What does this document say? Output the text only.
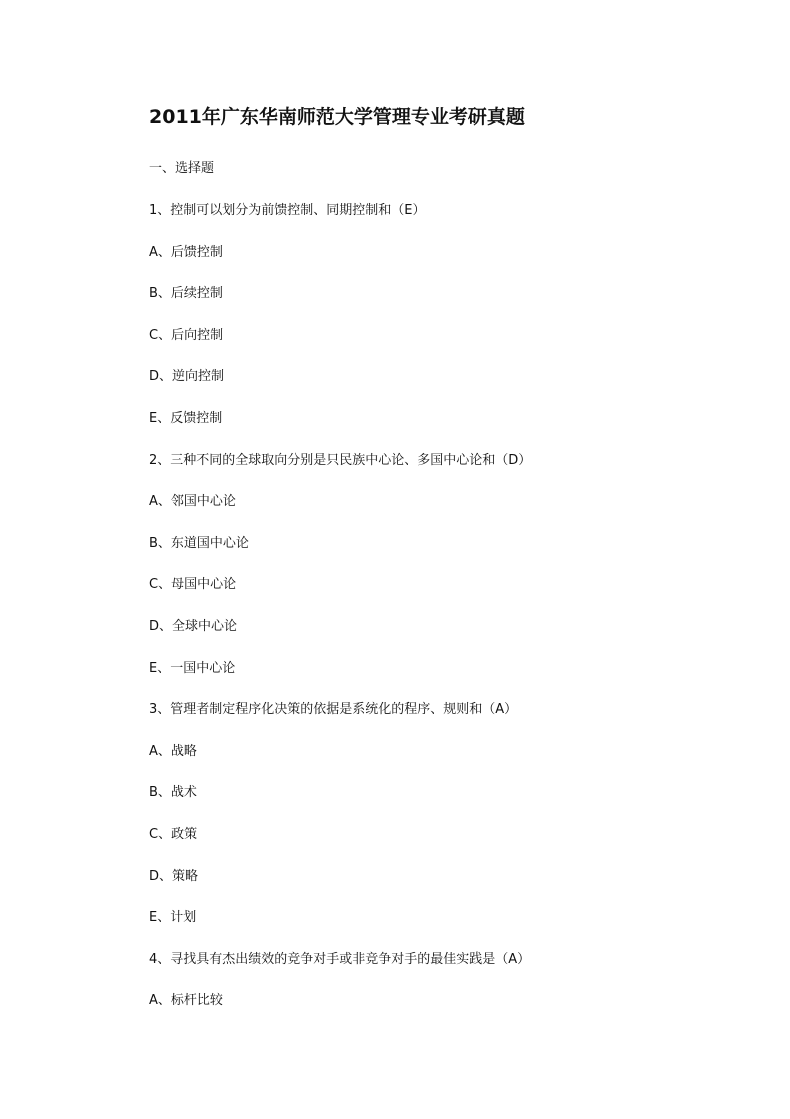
2011年广东华南师范大学管理专业考研真题
一、选择题
1、控制可以划分为前馈控制、同期控制和（E）
A、后馈控制
B、后续控制
C、后向控制
D、逆向控制
E、反馈控制
2、三种不同的全球取向分别是只民族中心论、多国中心论和（D）
A、邻国中心论
B、东道国中心论
C、母国中心论
D、全球中心论
E、一国中心论
3、管理者制定程序化决策的依据是系统化的程序、规则和（A）
A、战略
B、战术
C、政策
D、策略
E、计划
4、寻找具有杰出绩效的竞争对手或非竞争对手的最佳实践是（A）
A、标杆比较
